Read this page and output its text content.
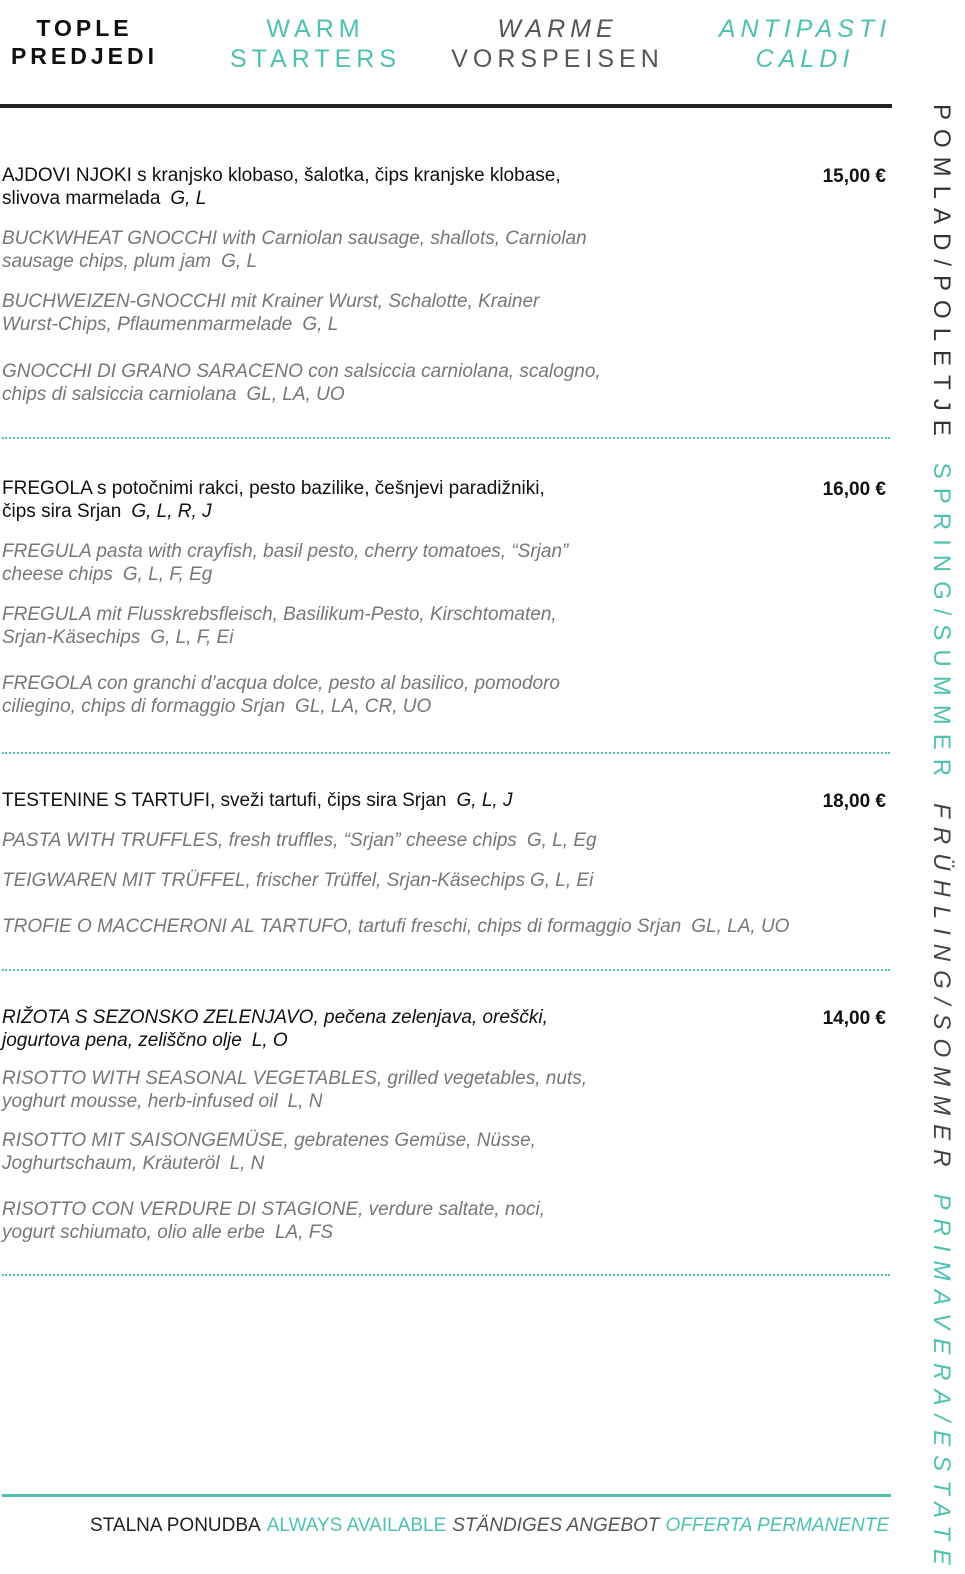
TOPLE
PREDJEDI
WARM
STARTERS
WARME
VORSPEISEN
ANTIPASTI
CALDI
AJDOVI NJOKI s kranjsko klobaso, šalotka, čips kranjske klobase,
slivova marmelada G, L
15,00 €
BUCKWHEAT GNOCCHI with Carniolan sausage, shallots, Carniolan
sausage chips, plum jam G, L
BUCHWEIZEN-GNOCCHI mit Krainer Wurst, Schalotte, Krainer
Wurst-Chips, Pflaumenmarmelade G, L
GNOCCHI DI GRANO SARACENO con salsiccia carniolana, scalogno,
chips di salsiccia carniolana GL, LA, UO
FREGOLA s potočnimi rakci, pesto bazilike, češnjevi paradižniki,
čips sira Srjan G, L, R, J
16,00 €
FREGULA pasta with crayfish, basil pesto, cherry tomatoes, “Srjan”
cheese chips G, L, F, Eg
FREGULA mit Flusskrebsfleisch, Basilikum-Pesto, Kirschtomaten,
Srjan-Käsechips G, L, F, Ei
FREGOLA con granchi d’acqua dolce, pesto al basilico, pomodoro
ciliegino, chips di formaggio Srjan GL, LA, CR, UO
TESTENINE S TARTUFI, sveži tartufi, čips sira Srjan G, L, J	18,00 €
PASTA WITH TRUFFLES, fresh truffles, “Srjan” cheese chips G, L, Eg
TEIGWAREN MIT TRÜFFEL, frischer Trüffel, Srjan-Käsechips G, L, Ei
TROFIE O MACCHERONI AL TARTUFO, tartufi freschi, chips di formaggio Srjan GL, LA, UO
RIŽOTA S SEZONSKO ZELENJAVO, pečena zelenjava, oreščki,
jogurtova pena, zeliščno olje L, O
14,00 €
RISOTTO WITH SEASONAL VEGETABLES, grilled vegetables, nuts,
yoghurt mousse, herb-infused oil L, N
RISOTTO MIT SAISONGEMÜSE, gebratenes Gemüse, Nüsse,
Joghurtschaum, Kräuteröl L, N
RISOTTO CON VERDURE DI STAGIONE, verdure saltate, noci,
yogurt schiumato, olio alle erbe LA, FS
STALNA PONUDBA ALWAYS AVAILABLE STÄNDIGES ANGEBOT OFFERTA PERMANENTE
POMLAD/POLETJESPRING/SUMMERFRÜHLING/SOMMERPRIMAVERA/ESTATE
